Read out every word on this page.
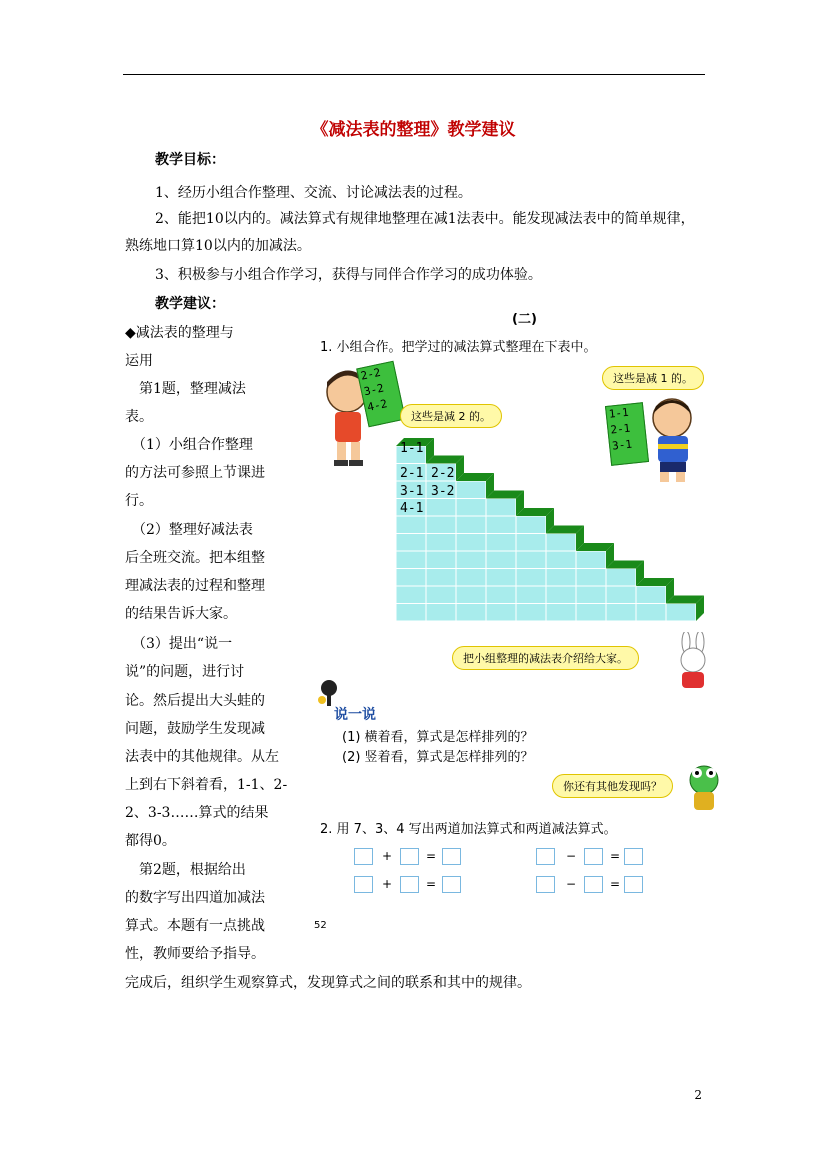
《减法表的整理》教学建议
教学目标：
1、经历小组合作整理、交流、讨论减法表的过程。
2、能把10以内的。减法算式有规律地整理在减1法表中。能发现减法表中的简单规律，
熟练地口算10以内的加减法。
3、积极参与小组合作学习，获得与同伴合作学习的成功体验。
教学建议：
◆减法表的整理与
运用
　第1题，整理减法
表。
　（1）小组合作整理
的方法可参照上节课进
行。
　（2）整理好减法表
后全班交流。把本组整
理减法表的过程和整理
的结果告诉大家。
　（3）提出“说一
说”的问题，进行讨
论。然后提出大头蛙的
问题，鼓励学生发现减
法表中的其他规律。从左
上到右下斜着看，1-1、2-
2、3-3……算式的结果
都得0。
　第2题，根据给出
的数字写出四道加减法
算式。本题有一点挑战
性，教师要给予指导。
完成后，组织学生观察算式，发现算式之间的联系和其中的规律。
(二)
1. 小组合作。把学过的减法算式整理在下表中。
2-2
3-2
4-2
这些是减 2 的。
这些是减 1 的。
1-1
2-1
3-1
1-1
2-1 2-2
3-1 3-2
4-1
把小组整理的减法表介绍给大家。
说一说
(1) 横着看，算式是怎样排列的？
(2) 竖着看，算式是怎样排列的？
你还有其他发现吗？
2. 用 7、3、4 写出两道加法算式和两道减法算式。
+	=	−	=
+	=	−	=
52
2
